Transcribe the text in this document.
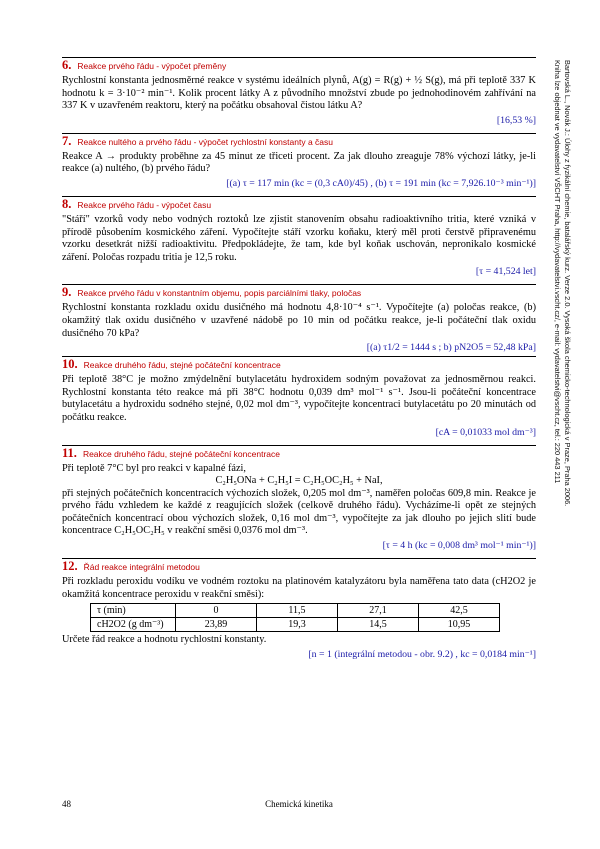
Bartovská L., Novák J.: Úlohy z fyzikální chemie, batalářský kurz. Verze 2.0. Vysoká škola chemicko-technologická v Praze, Praha 2006.
Kniha lze objednat ve vydavatelství VŠCHT Praha, http://vydavatelstvi.vscht.cz/, e-mail: vydavatelstvi@vscht.cz, tel.: 220 443 211
6. Reakce prvého řádu - výpočet přeměny
Rychlostní konstanta jednosměrné reakce v systému ideálních plynů, A(g) = R(g) + ½ S(g), má při teplotě 337 K hodnotu k = 3·10⁻² min⁻¹. Kolik procent látky A z původního množství zbude po jednohodinovém zahřívání na 337 K v uzavřeném reaktoru, který na počátku obsahoval čistou látku A?
[16,53 %]
7. Reakce nultého a prvého řádu - výpočet rychlostní konstanty a času
Reakce A → produkty proběhne za 45 minut ze třiceti procent. Za jak dlouho zreaguje 78% výchozí látky, je-li reakce (a) nultého, (b) prvého řádu?
[(a) τ = 117 min (kc = (0,3 cA0)/45) , (b) τ = 191 min (kc = 7,926.10⁻³ min⁻¹)]
8. Reakce prvého řádu - výpočet času
"Stáří" vzorků vody nebo vodných roztoků lze zjistit stanovením obsahu radioaktivního tritia, které vzniká v přírodě působením kosmického záření. Vypočítejte stáří vzorku koňaku, který měl proti čerstvě připravenému vzorku desetkrát nižší radioaktivitu. Předpokládejte, že tam, kde byl koňak uschován, nepronikalo kosmické záření. Poločas rozpadu tritia je 12,5 roku.
[τ = 41,524 let]
9. Reakce prvého řádu v konstantním objemu, popis parciálními tlaky, poločas
Rychlostní konstanta rozkladu oxidu dusičného má hodnotu 4,8·10⁻⁴ s⁻¹. Vypočítejte (a) poločas reakce, (b) okamžitý tlak oxidu dusičného v uzavřené nádobě po 10 min od počátku reakce, je-li počáteční tlak oxidu dusičného 70 kPa?
[(a) τ1/2 = 1444 s ; b) pN2O5 = 52,48 kPa]
10. Reakce druhého řádu, stejné počáteční koncentrace
Při teplotě 38°C je možno zmýdelnění butylacetátu hydroxidem sodným považovat za jednosměrnou reakci. Rychlostní konstanta této reakce má při 38°C hodnotu 0,039 dm³ mol⁻¹ s⁻¹. Jsou-li počáteční koncentrace butylacetátu a hydroxidu sodného stejné, 0,02 mol dm⁻³, vypočítejte koncentraci butylacetátu po 20 minutách od počátku reakce.
[cA = 0,01033 mol dm⁻³]
11. Reakce druhého řádu, stejné počáteční koncentrace
Při teplotě 7°C byl pro reakci v kapalné fázi,
C₂H₅ONa + C₂H₅I = C₂H₅OC₂H₅ + NaI,
při stejných počátečních koncentracích výchozích složek, 0,205 mol dm⁻³, naměřen poločas 609,8 min. Reakce je prvého řádu vzhledem ke každé z reagujících složek (celkově druhého řádu). Vycházíme-li opět ze stejných počátečních koncentrací obou výchozích složek, 0,16 mol dm⁻³, vypočítejte za jak dlouho po jejich slití bude koncentrace C₂H₅OC₂H₅ v reakční směsi 0,0376 mol dm⁻³.
[τ = 4 h (kc = 0,008 dm³ mol⁻¹ min⁻¹)]
12. Řád reakce integrální metodou
Při rozkladu peroxidu vodíku ve vodném roztoku na platinovém katalyzátoru byla naměřena tato data (cH2O2 je okamžitá koncentrace peroxidu v reakční směsi):
τ (min)	0	11,5	27,1	42,5
cH2O2 (g dm⁻³)	23,89	19,3	14,5	10,95
Určete řád reakce a hodnotu rychlostní konstanty.
[n = 1 (integrální metodou - obr. 9.2) , kc = 0,0184 min⁻¹]
Chemická kinetika
48
